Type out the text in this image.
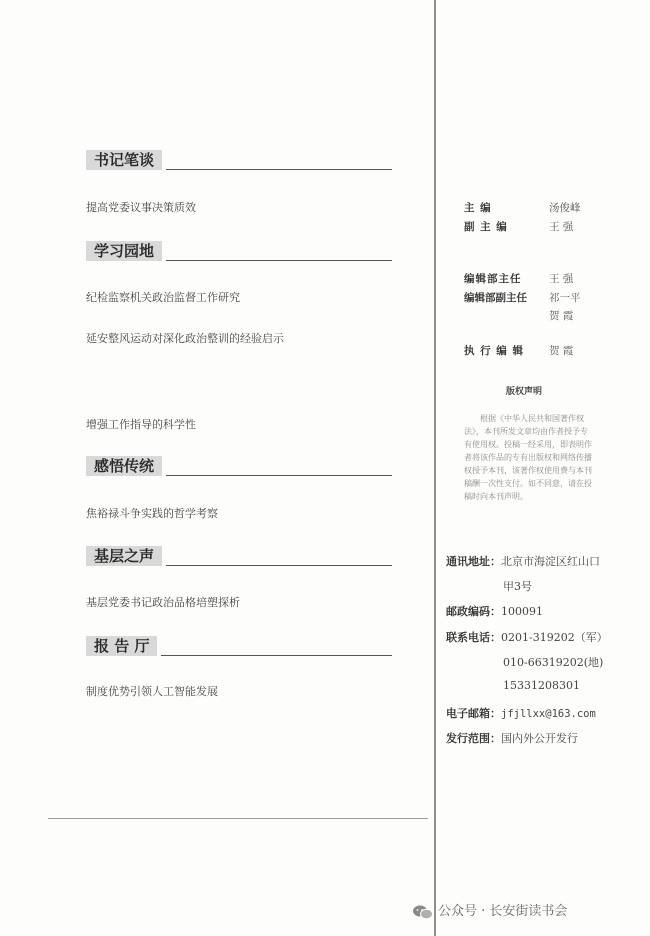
书记笔谈
提高党委议事决策质效
学习园地
纪检监察机关政治监督工作研究
延安整风运动对深化政治整训的经验启示
增强工作指导的科学性
感悟传统
焦裕禄斗争实践的哲学考察
基层之声
基层党委书记政治品格培塑探析
报 告 厅
制度优势引领人工智能发展
主 编	汤俊峰
副 主 编	王 强
编辑部主任	王 强
编辑部副主任 祁一平
贺 霞
执 行 编 辑 贺 霞
版权声明
根据《中华人民共和国著作权法》，本刊所发文章均由作者授予专有使用权。投稿一经采用，即表明作者将该作品的专有出版权和网络传播权授予本刊，该著作权使用费与本刊稿酬一次性支付。如不同意，请在投稿时向本刊声明。
通讯地址：北京市海淀区红山口
甲3号
邮政编码：100091
联系电话：0201-319202（军）
010-66319202(地)
15331208301
电子邮箱：jfjllxx@163.com
发行范围：国内外公开发行
公众号 · 长安街读书会
